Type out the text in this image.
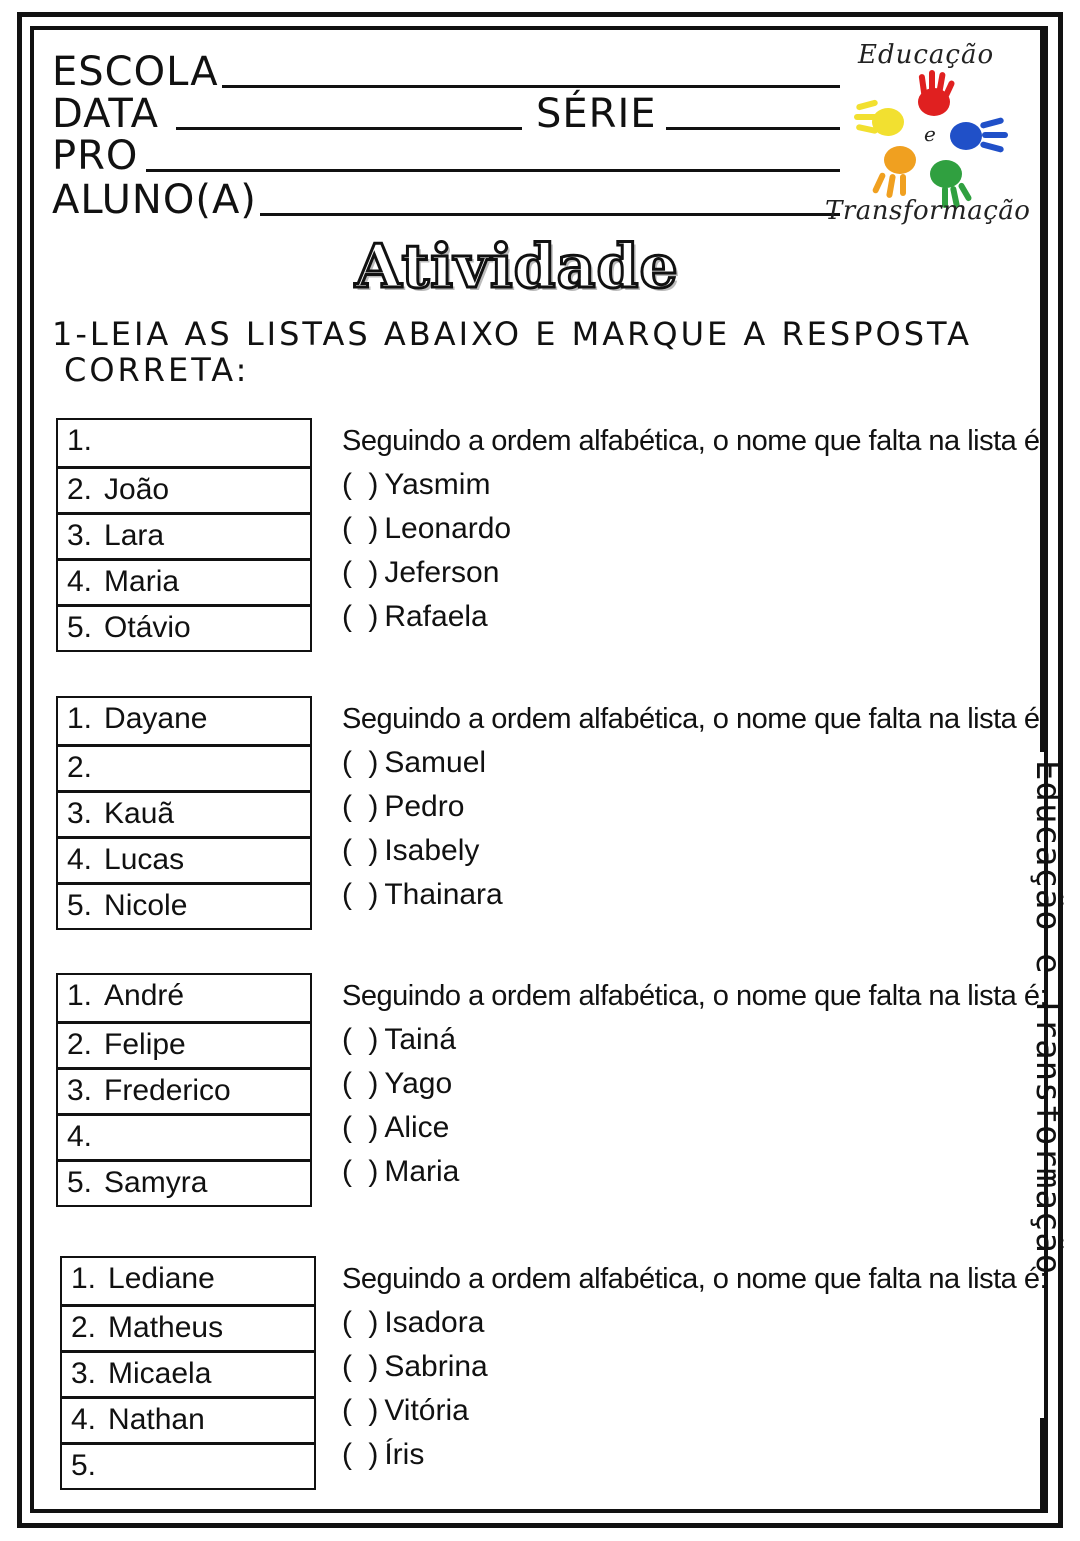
ESCOLA
DATA	SÉRIE
PRO
ALUNO(A)
Educação
e
Transformação
Atividade
1-LEIA AS LISTAS ABAIXO E MARQUE A RESPOSTA
CORRETA:
1.
2. João
3. Lara
4. Maria
5. Otávio
Seguindo a ordem alfabética, o nome que falta na lista é:
( )Yasmim
( )Leonardo
( )Jeferson
( )Rafaela
1. Dayane
2.
3. Kauã
4. Lucas
5. Nicole
Seguindo a ordem alfabética, o nome que falta na lista é:
( )Samuel
( )Pedro
( )Isabely
( )Thainara
1. André
2. Felipe
3. Frederico
4.
5. Samyra
Seguindo a ordem alfabética, o nome que falta na lista é:
( )Tainá
( )Yago
( )Alice
( )Maria
1. Lediane
2. Matheus
3. Micaela
4. Nathan
5.
Seguindo a ordem alfabética, o nome que falta na lista é:
( )Isadora
( )Sabrina
( )Vitória
( )Íris
Educação e Transformação
